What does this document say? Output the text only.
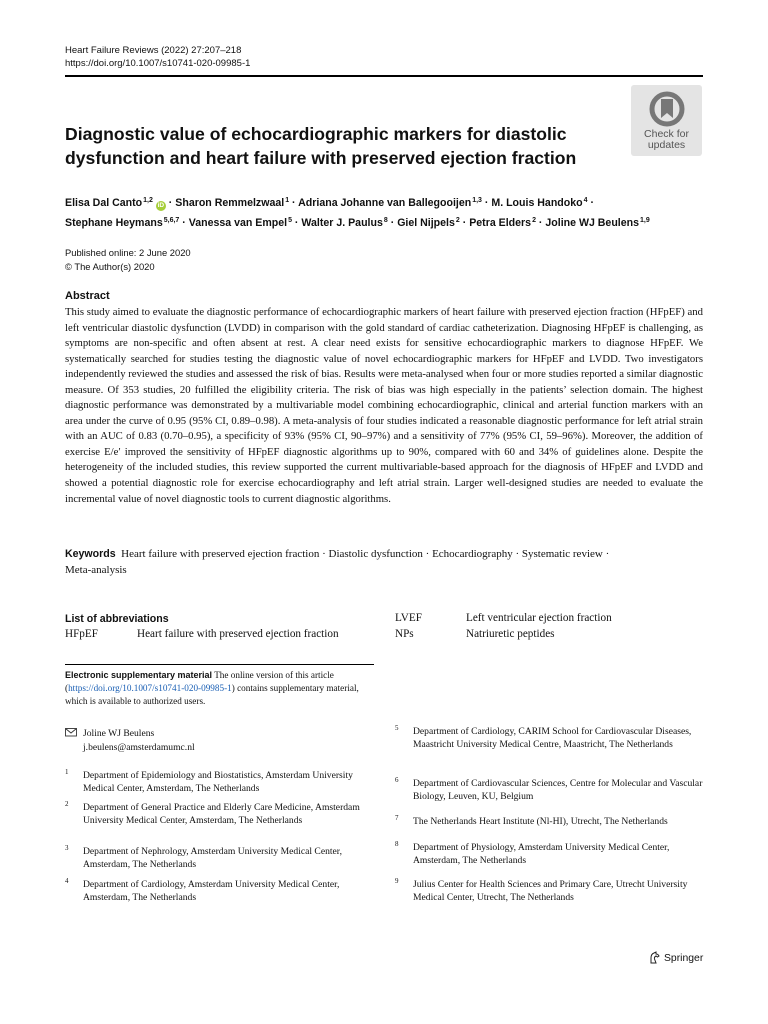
Heart Failure Reviews (2022) 27:207–218
https://doi.org/10.1007/s10741-020-09985-1
Check for
updates
Diagnostic value of echocardiographic markers for diastolic dysfunction and heart failure with preserved ejection fraction
Elisa Dal Canto$^{1,2}$iD · Sharon Remmelzwaal$^1$ · Adriana Johanne van Ballegooijen$^{1,3}$ · M. Louis Handoko$^4$ ·
Stephane Heymans$^{5,6,7}$ · Vanessa van Empel$^5$ · Walter J. Paulus$^8$ · Giel Nijpels$^2$ · Petra Elders$^2$ · Joline WJ Beulens$^{1,9}$
Published online: 2 June 2020
© The Author(s) 2020
Abstract
This study aimed to evaluate the diagnostic performance of echocardiographic markers of heart failure with preserved ejection fraction (HFpEF) and left ventricular diastolic dysfunction (LVDD) in comparison with the gold standard of cardiac catheterization. Diagnosing HFpEF is challenging, as symptoms are non-specific and often absent at rest. A clear need exists for sensitive echocardiographic markers to diagnose HFpEF. We systematically searched for studies testing the diagnostic value of novel echocardiographic markers for HFpEF and LVDD. Two investigators independently reviewed the studies and assessed the risk of bias. Results were meta-analysed when four or more studies reported a similar diagnostic measure. Of 353 studies, 20 fulfilled the eligibility criteria. The risk of bias was high especially in the patients’ selection domain. The highest diagnostic performance was demonstrated by a multivariable model combining echocardiographic, clinical and arterial function markers with an area under the curve of 0.95 (95% CI, 0.89–0.98). A meta-analysis of four studies indicated a reasonable diagnostic performance for left atrial strain with an AUC of 0.83 (0.70–0.95), a specificity of 93% (95% CI, 90–97%) and a sensitivity of 77% (95% CI, 59–96%). Moreover, the addition of exercise E/e′ improved the sensitivity of HFpEF diagnostic algorithms up to 90%, compared with 60 and 34% of guidelines alone. Despite the heterogeneity of the included studies, this review supported the current multivariable-based approach for the diagnosis of HFpEF and LVDD and showed a potential diagnostic role for exercise echocardiography and left atrial strain. Larger well-designed studies are needed to evaluate the incremental value of novel diagnostic tools to current diagnostic algorithms.
Keywords Heart failure with preserved ejection fraction · Diastolic dysfunction · Echocardiography · Systematic review ·
Meta-analysis
List of abbreviations
HFpEF	Heart failure with preserved ejection fraction
LVEF	Left ventricular ejection fraction
NPs	Natriuretic peptides
Electronic supplementary material The online version of this article (https://doi.org/10.1007/s10741-020-09985-1) contains supplementary material, which is available to authorized users.
Joline WJ Beulens
j.beulens@amsterdamumc.nl
1 Department of Epidemiology and Biostatistics, Amsterdam University Medical Center, Amsterdam, The Netherlands
2 Department of General Practice and Elderly Care Medicine, Amsterdam University Medical Center, Amsterdam, The Netherlands
3 Department of Nephrology, Amsterdam University Medical Center, Amsterdam, The Netherlands
4 Department of Cardiology, Amsterdam University Medical Center, Amsterdam, The Netherlands
5 Department of Cardiology, CARIM School for Cardiovascular Diseases, Maastricht University Medical Centre, Maastricht, The Netherlands
6 Department of Cardiovascular Sciences, Centre for Molecular and Vascular Biology, Leuven, KU, Belgium
7 The Netherlands Heart Institute (Nl-HI), Utrecht, The Netherlands
8 Department of Physiology, Amsterdam University Medical Center, Amsterdam, The Netherlands
9 Julius Center for Health Sciences and Primary Care, Utrecht University Medical Center, Utrecht, The Netherlands
Springer
